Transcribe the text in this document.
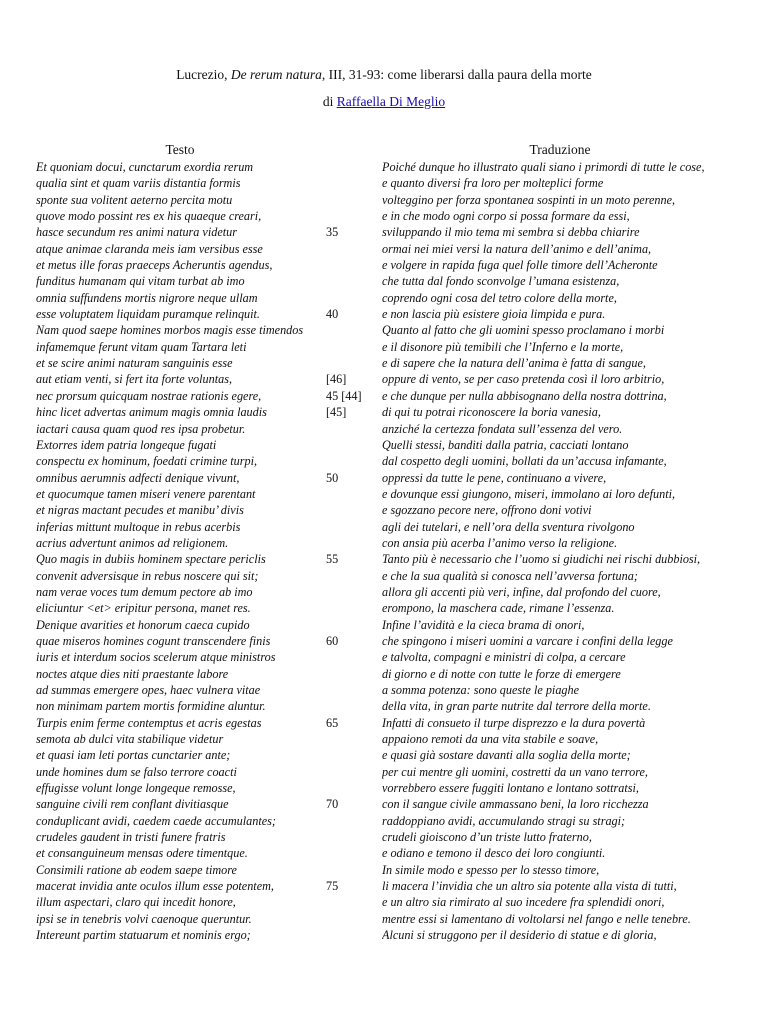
Lucrezio, De rerum natura, III, 31-93: come liberarsi dalla paura della morte
di Raffaella Di Meglio
Testo	Traduzione
Et quoniam docui, cunctarum exordia rerum	Poiché dunque ho illustrato quali siano i primordi di tutte le cose,
qualia sint et quam variis distantia formis	e quanto diversi fra loro per molteplici forme
sponte sua volitent aeterno percita motu	volteggino per forza spontanea sospinti in un moto perenne,
quove modo possint res ex his quaeque creari,	e in che modo ogni corpo si possa formare da essi,
hasce secundum res animi natura videtur	35	sviluppando il mio tema mi sembra si debba chiarire
atque animae claranda meis iam versibus esse	ormai nei miei versi la natura dell’animo e dell’anima,
et metus ille foras praeceps Acheruntis agendus,	e volgere in rapida fuga quel folle timore dell’Acheronte
funditus humanam qui vitam turbat ab imo	che tutta dal fondo sconvolge l’umana esistenza,
omnia suffundens mortis nigrore neque ullam	coprendo ogni cosa del tetro colore della morte,
esse voluptatem liquidam puramque relinquit.	40	e non lascia più esistere gioia limpida e pura.
Nam quod saepe homines morbos magis esse timendos	Quanto al fatto che gli uomini spesso proclamano i morbi
infamemque ferunt vitam quam Tartara leti	e il disonore più temibili che l’Inferno e la morte,
et se scire animi naturam sanguinis esse	e di sapere che la natura dell’anima è fatta di sangue,
aut etiam venti, si fert ita forte voluntas,	[46]	oppure di vento, se per caso pretenda così il loro arbitrio,
nec prorsum quicquam nostrae rationis egere,	45 [44]	e che dunque per nulla abbisognano della nostra dottrina,
hinc licet advertas animum magis omnia laudis	[45]	di qui tu potrai riconoscere la boria vanesia,
iactari causa quam quod res ipsa probetur.	anziché la certezza fondata sull’essenza del vero.
Extorres idem patria longeque fugati	Quelli stessi, banditi dalla patria, cacciati lontano
conspectu ex hominum, foedati crimine turpi,	dal cospetto degli uomini, bollati da un’accusa infamante,
omnibus aerumnis adfecti denique vivunt,	50	oppressi da tutte le pene, continuano a vivere,
et quocumque tamen miseri venere parentant	e dovunque essi giungono, miseri, immolano ai loro defunti,
et nigras mactant pecudes et manibu’ divis	e sgozzano pecore nere, offrono doni votivi
inferias mittunt multoque in rebus acerbis	agli dei tutelari, e nell’ora della sventura rivolgono
acrius advertunt animos ad religionem.	con ansia più acerba l’animo verso la religione.
Quo magis in dubiis hominem spectare periclis	55	Tanto più è necessario che l’uomo si giudichi nei rischi dubbiosi,
convenit adversisque in rebus noscere qui sit;	e che la sua qualità si conosca nell’avversa fortuna;
nam verae voces tum demum pectore ab imo	allora gli accenti più veri, infine, dal profondo del cuore,
eliciuntur <et> eripitur persona, manet res.	erompono, la maschera cade, rimane l’essenza.
Denique avarities et honorum caeca cupido	Infine l’avidità e la cieca brama di onori,
quae miseros homines cogunt transcendere finis	60	che spingono i miseri uomini a varcare i confini della legge
iuris et interdum socios scelerum atque ministros	e talvolta, compagni e ministri di colpa, a cercare
noctes atque dies niti praestante labore	di giorno e di notte con tutte le forze di emergere
ad summas emergere opes, haec vulnera vitae	a somma potenza: sono queste le piaghe
non minimam partem mortis formidine aluntur.	della vita, in gran parte nutrite dal terrore della morte.
Turpis enim ferme contemptus et acris egestas	65	Infatti di consueto il turpe disprezzo e la dura povertà
semota ab dulci vita stabilique videtur	appaiono remoti da una vita stabile e soave,
et quasi iam leti portas cunctarier ante;	e quasi già sostare davanti alla soglia della morte;
unde homines dum se falso terrore coacti	per cui mentre gli uomini, costretti da un vano terrore,
effugisse volunt longe longeque remosse,	vorrebbero essere fuggiti lontano e lontano sottratsi,
sanguine civili rem conflant divitiasque	70	con il sangue civile ammassano beni, la loro ricchezza
conduplicant avidi, caedem caede accumulantes;	raddoppiano avidi, accumulando stragi su stragi;
crudeles gaudent in tristi funere fratris	crudeli gioiscono d’un triste lutto fraterno,
et consanguineum mensas odere timentque.	e odiano e temono il desco dei loro congiunti.
Consimili ratione ab eodem saepe timore	In simile modo e spesso per lo stesso timore,
macerat invidia ante oculos illum esse potentem,	75	li macera l’invidia che un altro sia potente alla vista di tutti,
illum aspectari, claro qui incedit honore,	e un altro sia rimirato al suo incedere fra splendidi onori,
ipsi se in tenebris volvi caenoque queruntur.	mentre essi si lamentano di voltolarsi nel fango e nelle tenebre.
Intereunt partim statuarum et nominis ergo;	Alcuni si struggono per il desiderio di statue e di gloria,
